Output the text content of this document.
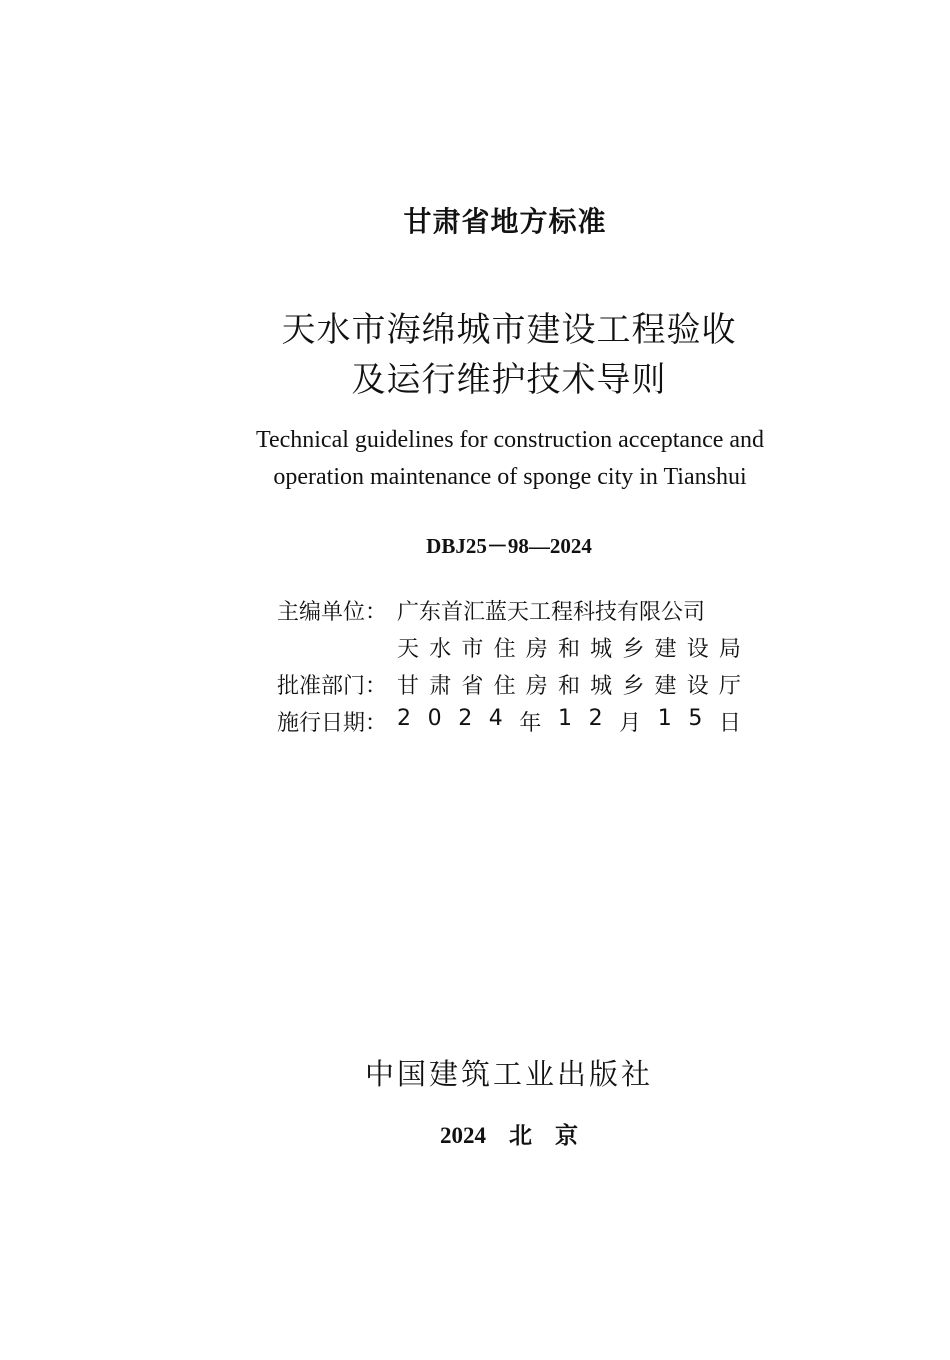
甘肃省地方标准
天水市海绵城市建设工程验收
及运行维护技术导则
Technical guidelines for construction acceptance and
operation maintenance of sponge city in Tianshui
DBJ25－98—2024
主编单位： 广东首汇蓝天工程科技有限公司
天 水 市 住 房 和 城 乡 建 设 局
批准部门： 甘 肃 省 住 房 和 城 乡 建 设 厅
施行日期： 2 0 2 4 年 1 2 月 1 5 日
中国建筑工业出版社
2024　北　京
